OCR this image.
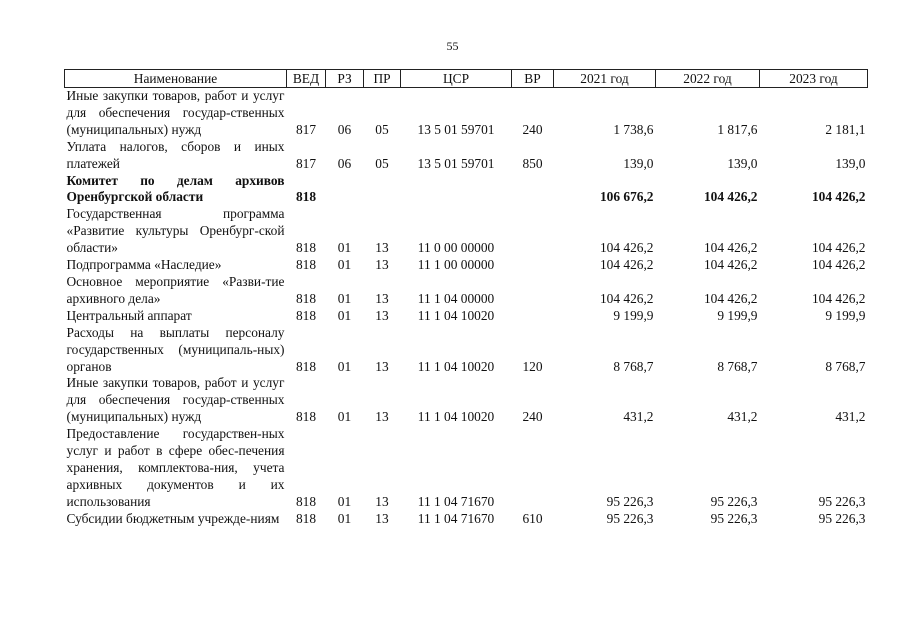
55
Наименование	ВЕД	РЗ	ПР	ЦСР	ВР	2021 год	2022 год	2023 год
Иные закупки товаров, работ и услуг для обеспечения государ-ственных (муниципальных) нужд	817	06	05	13 5 01 59701	240	1 738,6	1 817,6	2 181,1
Уплата налогов, сборов и иных платежей	817	06	05	13 5 01 59701	850	139,0	139,0	139,0
Комитет по делам архивов Оренбургской области	818					106 676,2	104 426,2	104 426,2
Государственная программа «Развитие культуры Оренбург-ской области»	818	01	13	11 0 00 00000		104 426,2	104 426,2	104 426,2
Подпрограмма «Наследие»	818	01	13	11 1 00 00000		104 426,2	104 426,2	104 426,2
Основное мероприятие «Разви-тие архивного дела»	818	01	13	11 1 04 00000		104 426,2	104 426,2	104 426,2
Центральный аппарат	818	01	13	11 1 04 10020		9 199,9	9 199,9	9 199,9
Расходы на выплаты персоналу государственных (муниципаль-ных) органов	818	01	13	11 1 04 10020	120	8 768,7	8 768,7	8 768,7
Иные закупки товаров, работ и услуг для обеспечения государ-ственных (муниципальных) нужд	818	01	13	11 1 04 10020	240	431,2	431,2	431,2
Предоставление государствен-ных услуг и работ в сфере обес-печения хранения, комплектова-ния, учета архивных документов и их использования	818	01	13	11 1 04 71670		95 226,3	95 226,3	95 226,3
Субсидии бюджетным учрежде-ниям	818	01	13	11 1 04 71670	610	95 226,3	95 226,3	95 226,3
